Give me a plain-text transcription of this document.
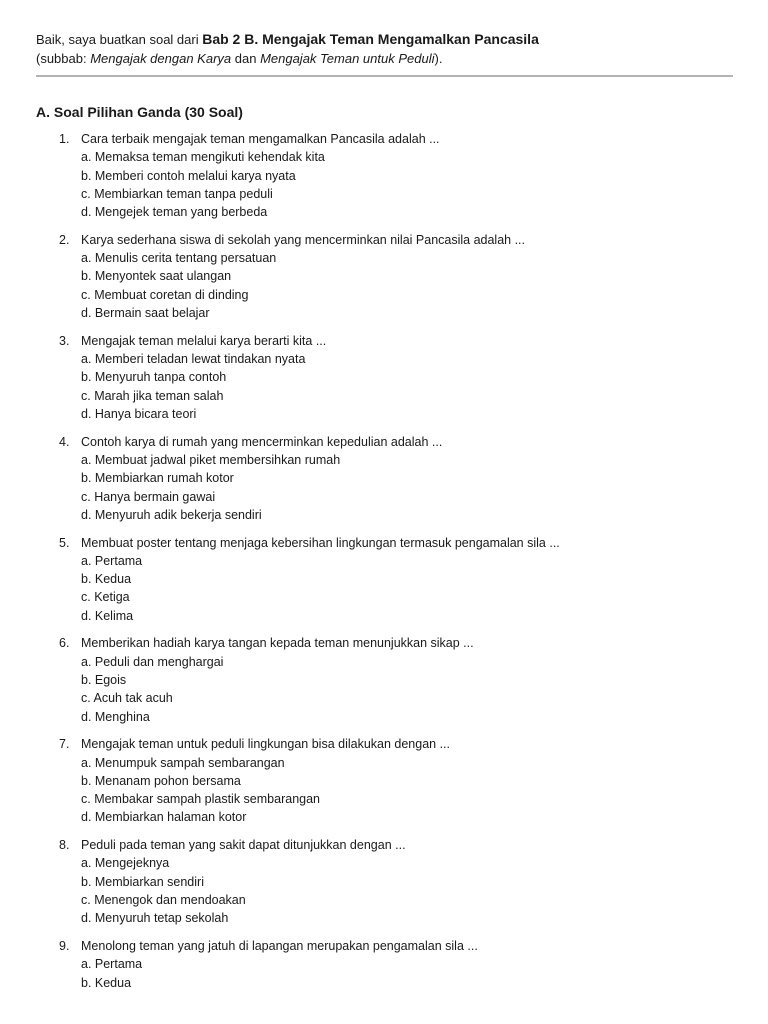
Baik, saya buatkan soal dari Bab 2 B. Mengajak Teman Mengamalkan Pancasila
(subbab: Mengajak dengan Karya dan Mengajak Teman untuk Peduli).
A. Soal Pilihan Ganda (30 Soal)
1. Cara terbaik mengajak teman mengamalkan Pancasila adalah ...
a. Memaksa teman mengikuti kehendak kita
b. Memberi contoh melalui karya nyata
c. Membiarkan teman tanpa peduli
d. Mengejek teman yang berbeda
2. Karya sederhana siswa di sekolah yang mencerminkan nilai Pancasila adalah ...
a. Menulis cerita tentang persatuan
b. Menyontek saat ulangan
c. Membuat coretan di dinding
d. Bermain saat belajar
3. Mengajak teman melalui karya berarti kita ...
a. Memberi teladan lewat tindakan nyata
b. Menyuruh tanpa contoh
c. Marah jika teman salah
d. Hanya bicara teori
4. Contoh karya di rumah yang mencerminkan kepedulian adalah ...
a. Membuat jadwal piket membersihkan rumah
b. Membiarkan rumah kotor
c. Hanya bermain gawai
d. Menyuruh adik bekerja sendiri
5. Membuat poster tentang menjaga kebersihan lingkungan termasuk pengamalan sila ...
a. Pertama
b. Kedua
c. Ketiga
d. Kelima
6. Memberikan hadiah karya tangan kepada teman menunjukkan sikap ...
a. Peduli dan menghargai
b. Egois
c. Acuh tak acuh
d. Menghina
7. Mengajak teman untuk peduli lingkungan bisa dilakukan dengan ...
a. Menumpuk sampah sembarangan
b. Menanam pohon bersama
c. Membakar sampah plastik sembarangan
d. Membiarkan halaman kotor
8. Peduli pada teman yang sakit dapat ditunjukkan dengan ...
a. Mengejeknya
b. Membiarkan sendiri
c. Menengok dan mendoakan
d. Menyuruh tetap sekolah
9. Menolong teman yang jatuh di lapangan merupakan pengamalan sila ...
a. Pertama
b. Kedua
